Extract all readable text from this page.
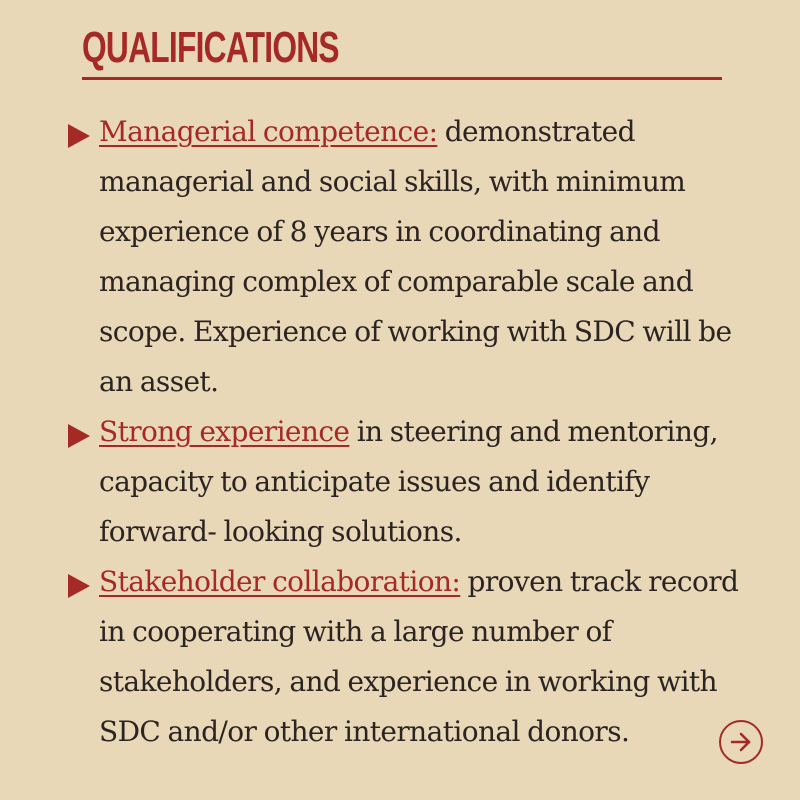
QUALIFICATIONS
Managerial competence: demonstrated managerial and social skills, with minimum experience of 8 years in coordinating and managing complex of comparable scale and scope. Experience of working with SDC will be an asset.
Strong experience in steering and mentoring, capacity to anticipate issues and identify forward- looking solutions.
Stakeholder collaboration: proven track record in cooperating with a large number of stakeholders, and experience in working with SDC and/or other international donors.
